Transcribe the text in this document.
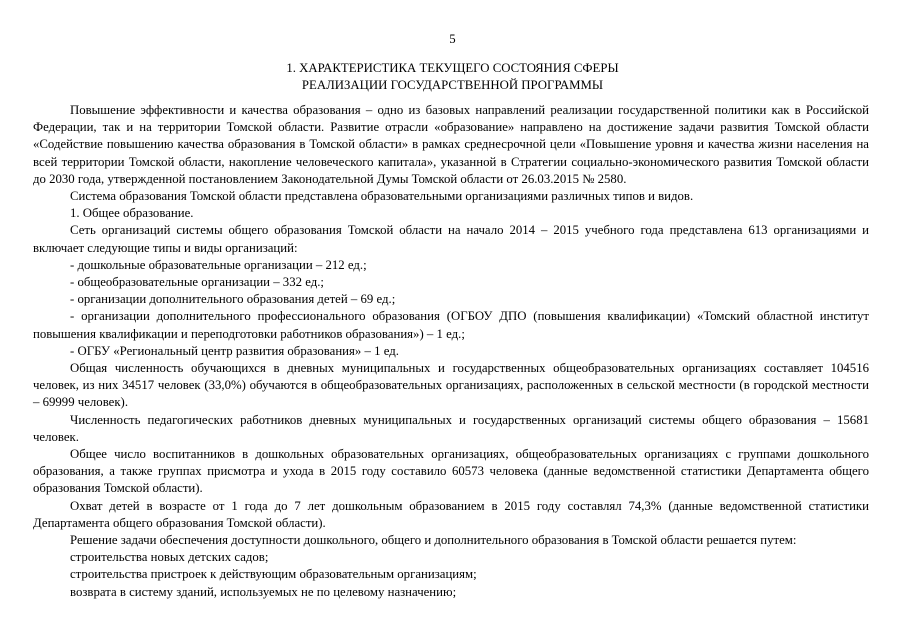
5
1. ХАРАКТЕРИСТИКА ТЕКУЩЕГО СОСТОЯНИЯ СФЕРЫ
РЕАЛИЗАЦИИ ГОСУДАРСТВЕННОЙ ПРОГРАММЫ

Повышение эффективности и качества образования – одно из базовых направлений реализации государственной политики как в Российской Федерации, так и на территории Томской области. Развитие отрасли «образование» направлено на достижение задачи развития Томской области «Содействие повышению качества образования в Томской области» в рамках среднесрочной цели «Повышение уровня и качества жизни населения на всей территории Томской области, накопление человеческого капитала», указанной в Стратегии социально-экономического развития Томской области до 2030 года, утвержденной постановлением Законодательной Думы Томской области от 26.03.2015 № 2580.

Система образования Томской области представлена образовательными организациями различных типов и видов.

1. Общее образование.

Сеть организаций системы общего образования Томской области на начало 2014 – 2015 учебного года представлена 613 организациями и включает следующие типы и виды организаций:

- дошкольные образовательные организации – 212 ед.;

- общеобразовательные организации – 332 ед.;

- организации дополнительного образования детей – 69 ед.;

- организации дополнительного профессионального образования (ОГБОУ ДПО (повышения квалификации) «Томский областной институт повышения квалификации и переподготовки работников образования») – 1 ед.;

- ОГБУ «Региональный центр развития образования» – 1 ед.

Общая численность обучающихся в дневных муниципальных и государственных общеобразовательных организациях составляет 104516 человек, из них 34517 человек (33,0%) обучаются в общеобразовательных организациях, расположенных в сельской местности (в городской местности – 69999 человек).

Численность педагогических работников дневных муниципальных и государственных организаций системы общего образования – 15681 человек.

Общее число воспитанников в дошкольных образовательных организациях, общеобразовательных организациях с группами дошкольного образования, а также группах присмотра и ухода в 2015 году составило 60573 человека (данные ведомственной статистики Департамента общего образования Томской области).

Охват детей в возрасте от 1 года до 7 лет дошкольным образованием в 2015 году составлял 74,3% (данные ведомственной статистики Департамента общего образования Томской области).

Решение задачи обеспечения доступности дошкольного, общего и дополнительного образования в Томской области решается путем:

строительства новых детских садов;

строительства пристроек к действующим образовательным организациям;

возврата в систему зданий, используемых не по целевому назначению;
